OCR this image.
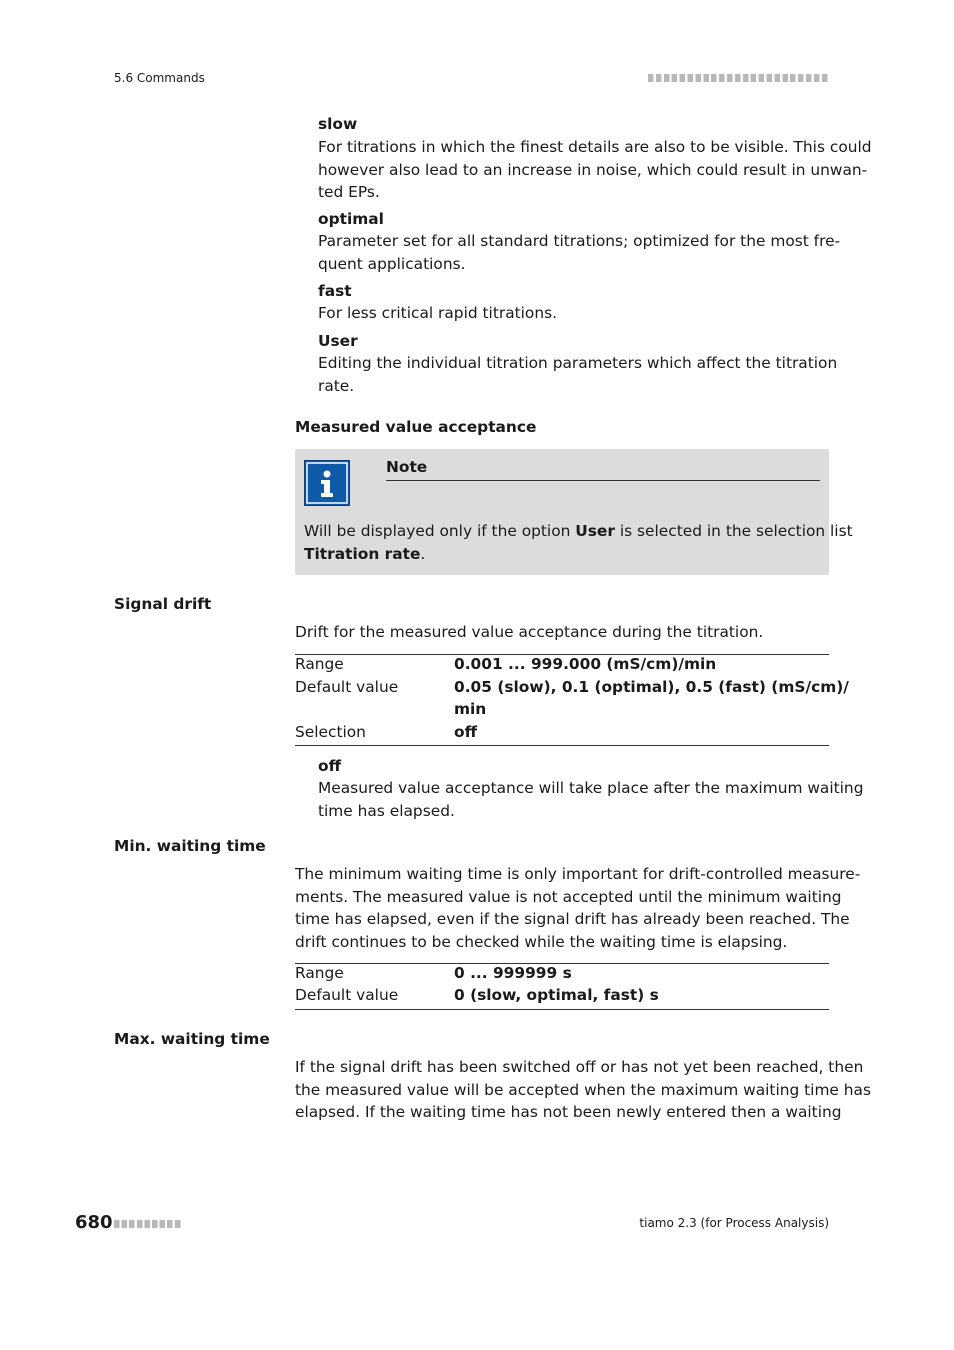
5.6 Commands
slow
For titrations in which the finest details are also to be visible. This could
however also lead to an increase in noise, which could result in unwan-
ted EPs.
optimal
Parameter set for all standard titrations; optimized for the most fre-
quent applications.
fast
For less critical rapid titrations.
User
Editing the individual titration parameters which affect the titration
rate.
Measured value acceptance
Note
Will be displayed only if the option User is selected in the selection list
Titration rate.
Signal drift
Drift for the measured value acceptance during the titration.
Range	0.001 ... 999.000 (mS/cm)/min
Default value	0.05 (slow), 0.1 (optimal), 0.5 (fast) (mS/cm)/
min
Selection	off
off
Measured value acceptance will take place after the maximum waiting
time has elapsed.
Min. waiting time
The minimum waiting time is only important for drift-controlled measure-
ments. The measured value is not accepted until the minimum waiting
time has elapsed, even if the signal drift has already been reached. The
drift continues to be checked while the waiting time is elapsing.
Range	0 ... 999999 s
Default value	0 (slow, optimal, fast) s
Max. waiting time
If the signal drift has been switched off or has not yet been reached, then
the measured value will be accepted when the maximum waiting time has
elapsed. If the waiting time has not been newly entered then a waiting
680	tiamo 2.3 (for Process Analysis)
